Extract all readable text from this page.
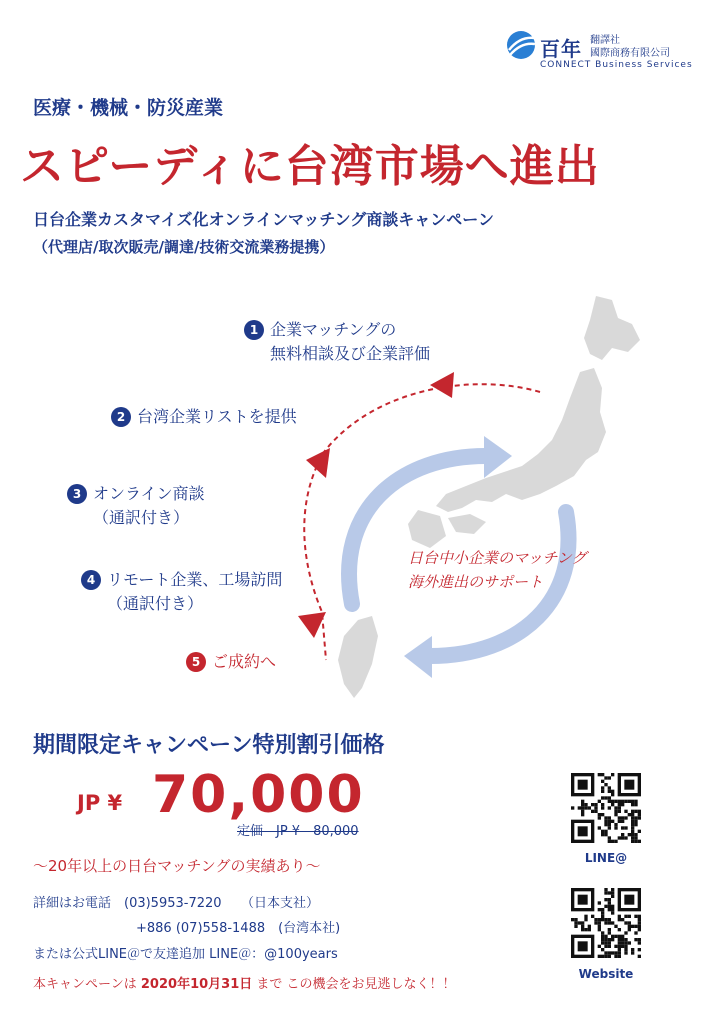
百年 翻譯社
國際商務有限公司
CONNECT Business Services
医療・機械・防災産業
スピーディに台湾市場へ進出
日台企業カスタマイズ化オンラインマッチング商談キャンペーン
（代理店/取次販売/調達/技術交流業務提携）
1 企業マッチングの
無料相談及び企業評価
2 台湾企業リストを提供
3 オンライン商談
（通訳付き）
4 リモート企業、工場訪問
（通訳付き）
5 ご成約へ
日台中小企業のマッチング
海外進出のサポート
期間限定キャンペーン特別割引価格
JP ¥ 70,000
定価　JP ¥　80,000
～20年以上の日台マッチングの実績あり～
詳細はお電話　(03)5953-7220　　（日本支社）
+886 (07)558-1488　(台湾本社)
または公式LINE＠で友達追加 LINE＠：@100years
本キャンペーンは 2020年10月31日 まで この機会をお見逃しなく！！
LINE@
Website
